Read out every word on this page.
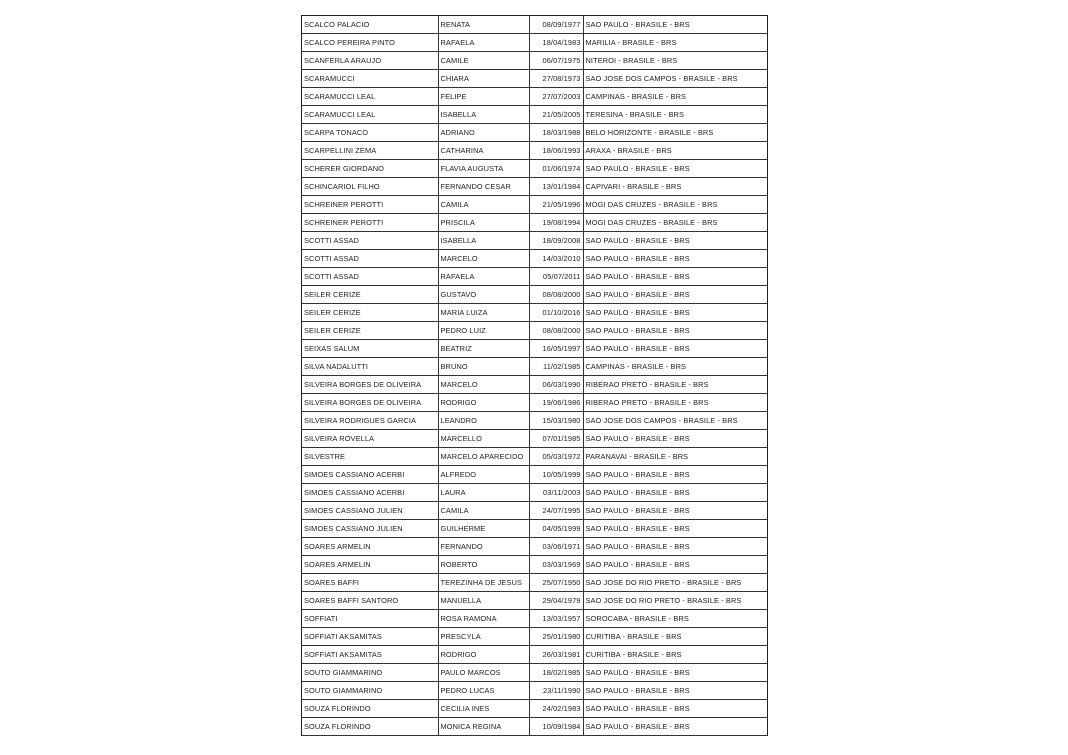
SCALCO PALACIO	RENATA	08/09/1977	SAO PAULO - BRASILE - BRS
SCALCO PEREIRA PINTO	RAFAELA	18/04/1983	MARILIA - BRASILE - BRS
SCANFERLA ARAUJO	CAMILE	06/07/1975	NITEROI - BRASILE - BRS
SCARAMUCCI	CHIARA	27/08/1973	SAO JOSE DOS CAMPOS - BRASILE - BRS
SCARAMUCCI LEAL	FELIPE	27/07/2003	CAMPINAS - BRASILE - BRS
SCARAMUCCI LEAL	ISABELLA	21/05/2005	TERESINA - BRASILE - BRS
SCARPA TONACO	ADRIANO	18/03/1988	BELO HORIZONTE - BRASILE - BRS
SCARPELLINI ZEMA	CATHARINA	18/06/1993	ARAXA - BRASILE - BRS
SCHERER GIORDANO	FLAVIA AUGUSTA	01/06/1974	SAO PAULO - BRASILE - BRS
SCHINCARIOL FILHO	FERNANDO CESAR	13/01/1984	CAPIVARI - BRASILE - BRS
SCHREINER PEROTTI	CAMILA	21/05/1996	MOGI DAS CRUZES - BRASILE - BRS
SCHREINER PEROTTI	PRISCILA	19/08/1994	MOGI DAS CRUZES - BRASILE - BRS
SCOTTI ASSAD	ISABELLA	18/09/2008	SAO PAULO - BRASILE - BRS
SCOTTI ASSAD	MARCELO	14/03/2010	SAO PAULO - BRASILE - BRS
SCOTTI ASSAD	RAFAELA	05/07/2011	SAO PAULO - BRASILE - BRS
SEILER CERIZE	GUSTAVO	08/08/2000	SAO PAULO - BRASILE - BRS
SEILER CERIZE	MARIA LUIZA	01/10/2016	SAO PAULO - BRASILE - BRS
SEILER CERIZE	PEDRO LUIZ	08/08/2000	SAO PAULO - BRASILE - BRS
SEIXAS SALUM	BEATRIZ	16/05/1997	SAO PAULO - BRASILE - BRS
SILVA NADALUTTI	BRUNO	11/02/1985	CAMPINAS - BRASILE - BRS
SILVEIRA BORGES DE OLIVEIRA	MARCELO	06/03/1990	RIBERAO PRETO - BRASILE - BRS
SILVEIRA BORGES DE OLIVEIRA	RODRIGO	19/06/1986	RIBERAO PRETO - BRASILE - BRS
SILVEIRA RODRIGUES GARCIA	LEANDRO	15/03/1980	SAO JOSE DOS CAMPOS - BRASILE - BRS
SILVEIRA ROVELLA	MARCELLO	07/01/1985	SAO PAULO - BRASILE - BRS
SILVESTRE	MARCELO APARECIDO	05/03/1972	PARANAVAI - BRASILE - BRS
SIMOES CASSIANO ACERBI	ALFREDO	10/05/1999	SAO PAULO - BRASILE - BRS
SIMOES CASSIANO ACERBI	LAURA	03/11/2003	SAO PAULO - BRASILE - BRS
SIMOES CASSIANO JULIEN	CAMILA	24/07/1995	SAO PAULO - BRASILE - BRS
SIMOES CASSIANO JULIEN	GUILHERME	04/05/1999	SAO PAULO - BRASILE - BRS
SOARES ARMELIN	FERNANDO	03/06/1971	SAO PAULO - BRASILE - BRS
SOARES ARMELIN	ROBERTO	03/03/1969	SAO PAULO - BRASILE - BRS
SOARES BAFFI	TEREZINHA DE JESUS	25/07/1950	SAO JOSE DO RIO PRETO - BRASILE - BRS
SOARES BAFFI SANTORO	MANUELLA	29/04/1979	SAO JOSE DO RIO PRETO - BRASILE - BRS
SOFFIATI	ROSA RAMONA	13/03/1957	SOROCABA - BRASILE - BRS
SOFFIATI AKSAMITAS	PRESCYLA	25/01/1980	CURITIBA - BRASILE - BRS
SOFFIATI AKSAMITAS	RODRIGO	26/03/1981	CURITIBA - BRASILE - BRS
SOUTO GIAMMARINO	PAULO MARCOS	18/02/1985	SAO PAULO - BRASILE - BRS
SOUTO GIAMMARINO	PEDRO LUCAS	23/11/1990	SAO PAULO - BRASILE - BRS
SOUZA FLORINDO	CECILIA INES	24/02/1983	SAO PAULO - BRASILE - BRS
SOUZA FLORINDO	MONICA REGINA	10/09/1984	SAO PAULO - BRASILE - BRS
